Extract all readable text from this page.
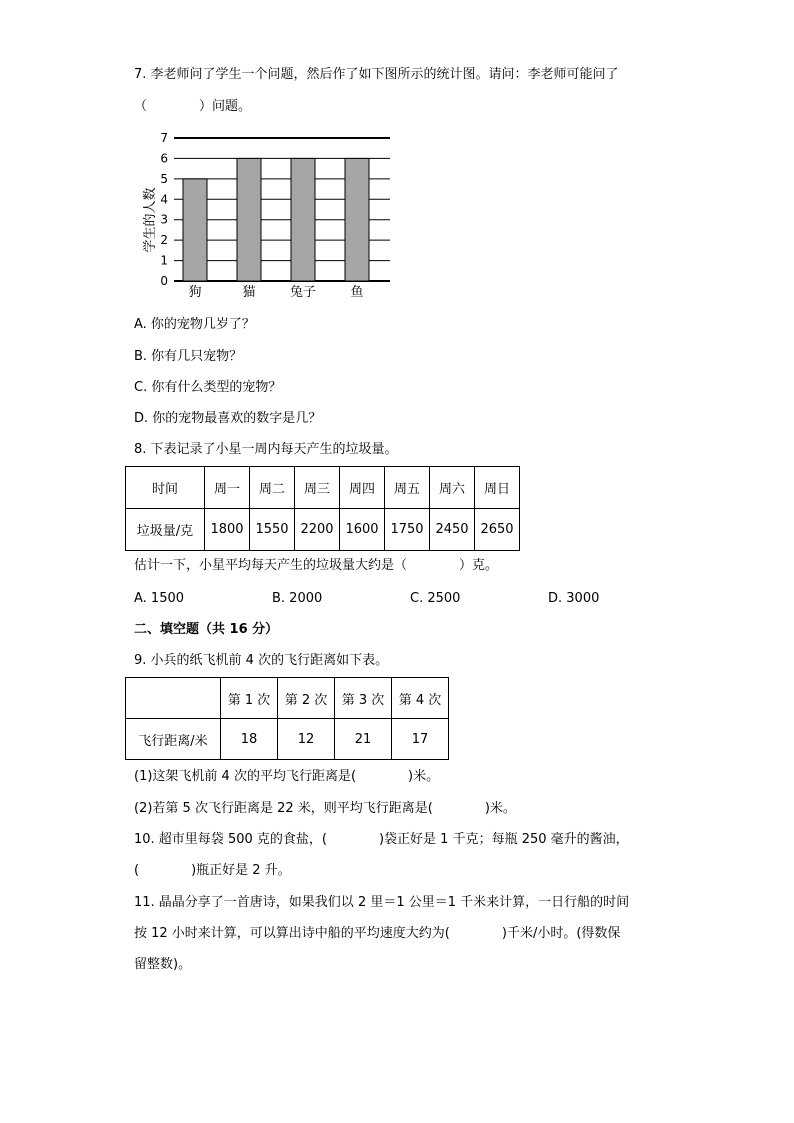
7. 李老师问了学生一个问题，然后作了如下图所示的统计图。请问：李老师可能问了
（　　　　）问题。
0
1
2
3
4
5
6
7
狗	猫	兔子	鱼
学生的人数
A. 你的宠物几岁了？
B. 你有几只宠物？
C. 你有什么类型的宠物？
D. 你的宠物最喜欢的数字是几？
8. 下表记录了小星一周内每天产生的垃圾量。
时间	周一	周二	周三	周四	周五	周六	周日
垃圾量/克	1800	1550	2200	1600	1750	2450	2650
估计一下，小星平均每天产生的垃圾量大约是（　　　　）克。
A. 1500	B. 2000	C. 2500	D. 3000
二、填空题（共 16 分）
9. 小兵的纸飞机前 4 次的飞行距离如下表。
	第 1 次	第 2 次	第 3 次	第 4 次
飞行距离/米	18	12	21	17
(1)这架飞机前 4 次的平均飞行距离是(　　　　)米。
(2)若第 5 次飞行距离是 22 米，则平均飞行距离是(　　　　)米。
10. 超市里每袋 500 克的食盐，(　　　　)袋正好是 1 千克；每瓶 250 毫升的酱油，
(　　　　)瓶正好是 2 升。
11. 晶晶分享了一首唐诗，如果我们以 2 里＝1 公里＝1 千米来计算，一日行船的时间
按 12 小时来计算，可以算出诗中船的平均速度大约为(　　　　)千米/小时。(得数保
留整数)。
